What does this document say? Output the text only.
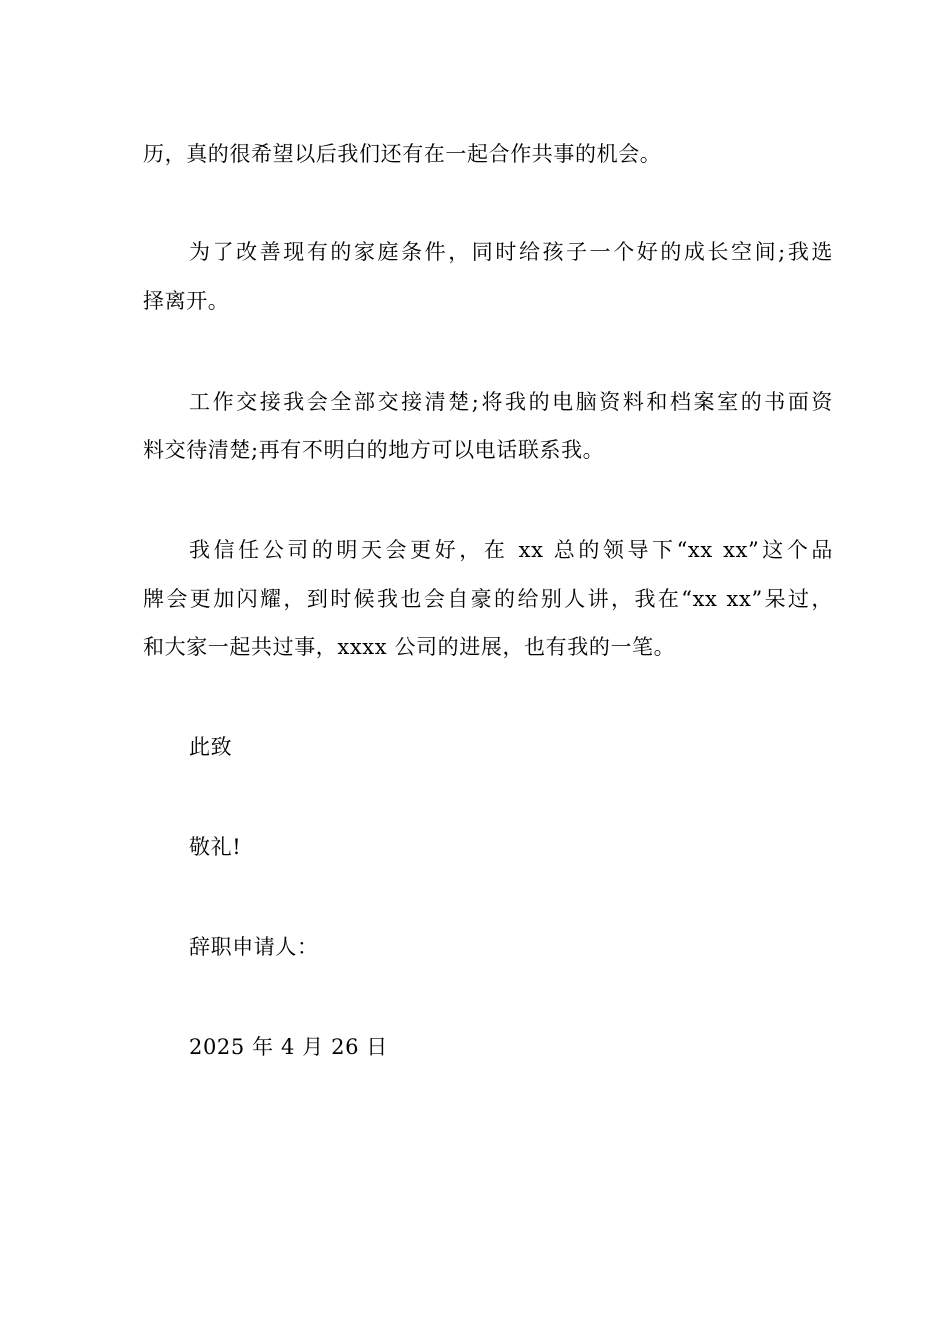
历，真的很希望以后我们还有在一起合作共事的机会。

为了改善现有的家庭条件，同时给孩子一个好的成长空间;我选

择离开。

工作交接我会全部交接清楚;将我的电脑资料和档案室的书面资

料交待清楚;再有不明白的地方可以电话联系我。

我信任公司的明天会更好，在 xx 总的领导下“xx xx”这个品

牌会更加闪耀，到时候我也会自豪的给别人讲，我在“xx xx”呆过，

和大家一起共过事，xxxx 公司的进展，也有我的一笔。

此致

敬礼!

辞职申请人：

2025 年 4 月 26 日
